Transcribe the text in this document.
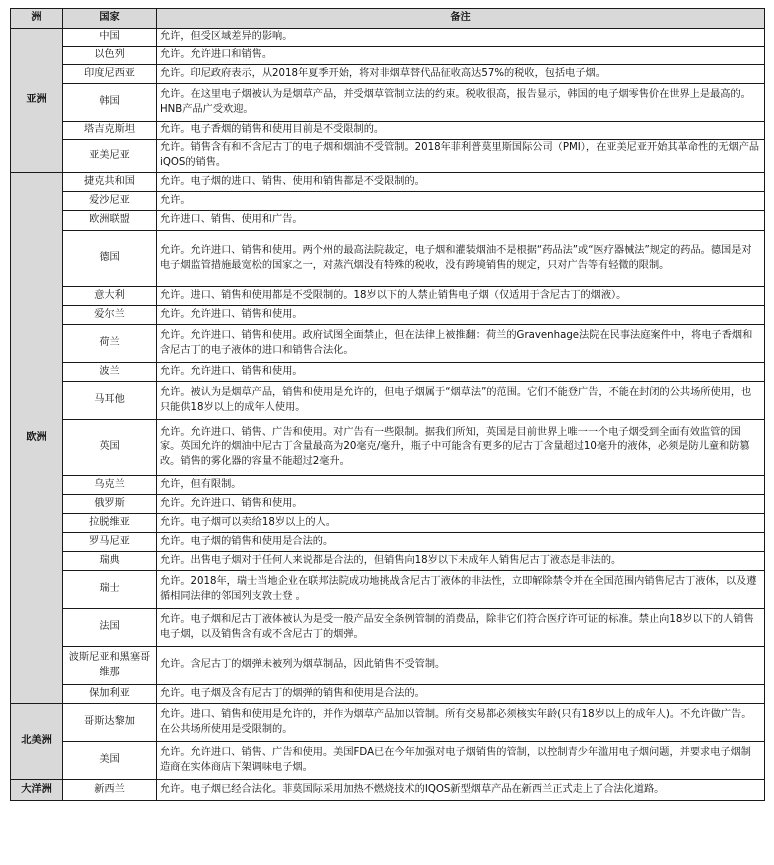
洲	国家	备注
亚洲	中国	允许，但受区域差异的影响。
	以色列	允许。允许进口和销售。
	印度尼西亚	允许。印尼政府表示，从2018年夏季开始，将对非烟草替代品征收高达57%的税收，包括电子烟。
	韩国	允许。在这里电子烟被认为是烟草产品，并受烟草管制立法的约束。税收很高，报告显示，韩国的电子烟零售价在世界上是最高的。HNB产品广受欢迎。
	塔吉克斯坦	允许。电子香烟的销售和使用目前是不受限制的。
	亚美尼亚	允许。销售含有和不含尼古丁的电子烟和烟油不受管制。2018年菲利普莫里斯国际公司（PMI），在亚美尼亚开始其革命性的无烟产品iQOS的销售。
欧洲	捷克共和国	允许。电子烟的进口、销售、使用和销售都是不受限制的。
	爱沙尼亚	允许。
	欧洲联盟	允许进口、销售、使用和广告。
	德国	允许。允许进口、销售和使用。两个州的最高法院裁定，电子烟和灌装烟油不是根据“药品法”或“医疗器械法”规定的药品。德国是对电子烟监管措施最宽松的国家之一，对蒸汽烟没有特殊的税收，没有跨境销售的规定，只对广告等有轻微的限制。
	意大利	允许。进口、销售和使用都是不受限制的。18岁以下的人禁止销售电子烟（仅适用于含尼古丁的烟液）。
	爱尔兰	允许。允许进口、销售和使用。
	荷兰	允许。允许进口、销售和使用。政府试图全面禁止，但在法律上被推翻：荷兰的Gravenhage法院在民事法庭案件中，将电子香烟和含尼古丁的电子液体的进口和销售合法化。
	波兰	允许。允许进口、销售和使用。
	马耳他	允许。被认为是烟草产品，销售和使用是允许的，但电子烟属于“烟草法”的范围。它们不能登广告，不能在封闭的公共场所使用，也只能供18岁以上的成年人使用。
	英国	允许。允许进口、销售、广告和使用。对广告有一些限制。据我们所知，英国是目前世界上唯一一个电子烟受到全面有效监管的国家。英国允许的烟油中尼古丁含量最高为20毫克/毫升，瓶子中可能含有更多的尼古丁含量超过10毫升的液体，必须是防儿童和防篡改。销售的雾化器的容量不能超过2毫升。
	乌克兰	允许，但有限制。
	俄罗斯	允许。允许进口、销售和使用。
	拉脱维亚	允许。电子烟可以卖给18岁以上的人。
	罗马尼亚	允许。电子烟的销售和使用是合法的。
	瑞典	允许。出售电子烟对于任何人来说都是合法的，但销售向18岁以下未成年人销售尼古丁液态是非法的。
	瑞士	允许。2018年，瑞士当地企业在联邦法院成功地挑战含尼古丁液体的非法性，立即解除禁令并在全国范围内销售尼古丁液体，以及遵循相同法律的邻国列支敦士登 。
	法国	允许。电子烟和尼古丁液体被认为是受一般产品安全条例管制的消费品，除非它们符合医疗许可证的标准。禁止向18岁以下的人销售电子烟，以及销售含有或不含尼古丁的烟弹。
	波斯尼亚和黑塞哥维那	允许。含尼古丁的烟弹未被列为烟草制品，因此销售不受管制。
	保加利亚	允许。电子烟及含有尼古丁的烟弹的销售和使用是合法的。
北美洲	哥斯达黎加	允许。进口、销售和使用是允许的，并作为烟草产品加以管制。所有交易都必须核实年龄(只有18岁以上的成年人)。不允许做广告。在公共场所使用是受限制的。
	美国	允许。允许进口、销售、广告和使用。美国FDA已在今年加强对电子烟销售的管制，以控制青少年滥用电子烟问题，并要求电子烟制造商在实体商店下架调味电子烟。
大洋洲	新西兰	允许。电子烟已经合法化。菲莫国际采用加热不燃烧技术的IQOS新型烟草产品在新西兰正式走上了合法化道路。
